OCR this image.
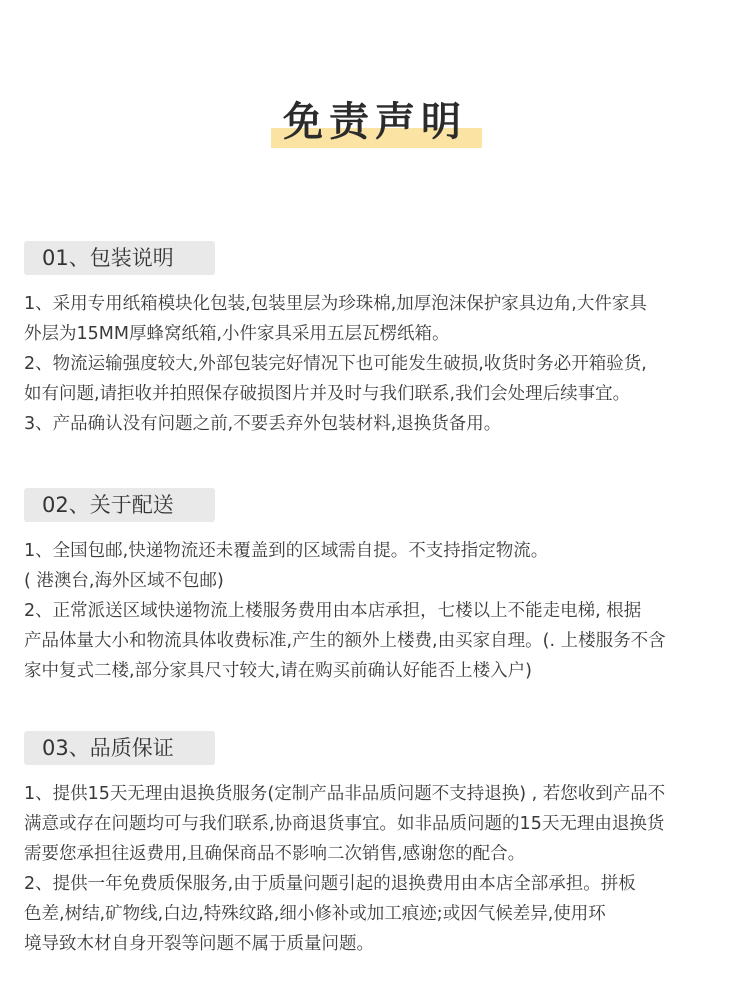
免责声明
01、包装说明
1、采用专用纸箱模块化包装,包装里层为珍珠棉,加厚泡沫保护家具边角,大件家具
外层为15MM厚蜂窝纸箱,小件家具采用五层瓦楞纸箱。
2、物流运输强度较大,外部包装完好情况下也可能发生破损,收货时务必开箱验货,
如有问题,请拒收并拍照保存破损图片并及时与我们联系,我们会处理后续事宜。
3、产品确认没有问题之前,不要丢弃外包装材料,退换货备用。
02、关于配送
1、全国包邮,快递物流还未覆盖到的区域需自提。不支持指定物流。
( 港澳台,海外区域不包邮)
2、正常派送区域快递物流上楼服务费用由本店承担，七楼以上不能走电梯, 根据
产品体量大小和物流具体收费标准,产生的额外上楼费,由买家自理。(. 上楼服务不含
家中复式二楼,部分家具尺寸较大,请在购买前确认好能否上楼入户)
03、品质保证
1、提供15天无理由退换货服务(定制产品非品质问题不支持退换) , 若您收到产品不
满意或存在问题均可与我们联系,协商退货事宜。如非品质问题的15天无理由退换货
需要您承担往返费用,且确保商品不影响二次销售,感谢您的配合。
2、提供一年免费质保服务,由于质量问题引起的退换费用由本店全部承担。拼板
色差,树结,矿物线,白边,特殊纹路,细小修补或加工痕迹;或因气候差异,使用环
境导致木材自身开裂等问题不属于质量问题。
